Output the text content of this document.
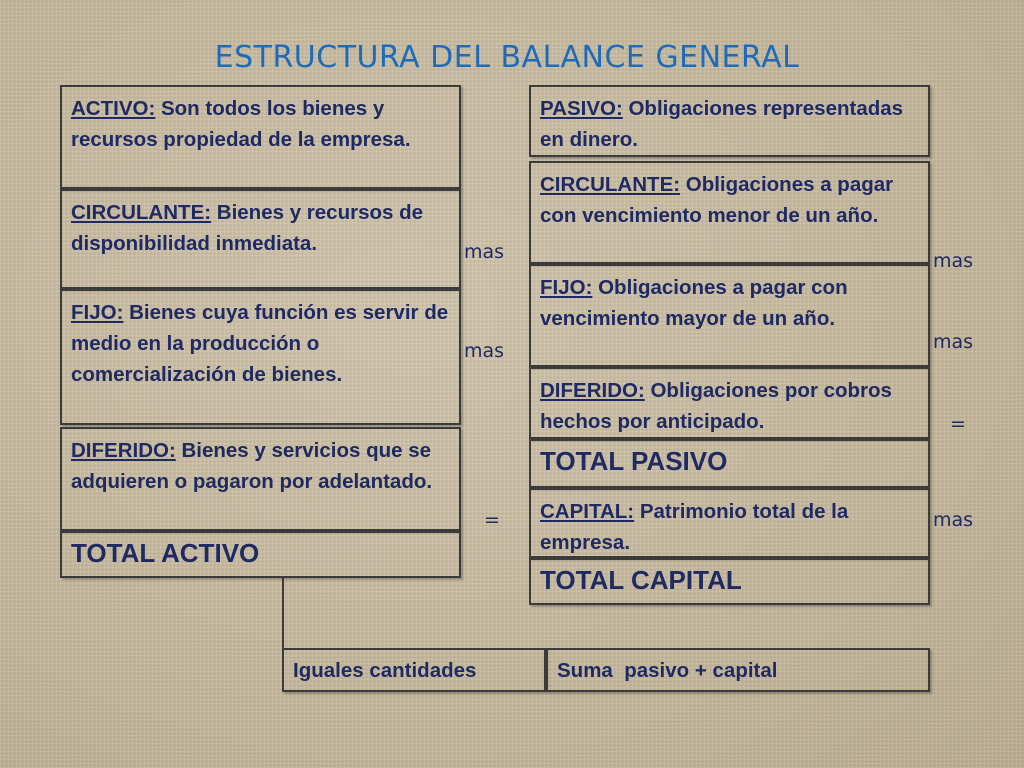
ESTRUCTURA DEL BALANCE GENERAL
ACTIVO: Son todos los bienes y recursos propiedad de la empresa.
CIRCULANTE: Bienes y recursos de disponibilidad inmediata.
FIJO: Bienes cuya función es servir de medio en la producción o comercialización de bienes.
DIFERIDO: Bienes y servicios que se adquieren o pagaron por adelantado.
TOTAL ACTIVO
mas
mas
=
PASIVO: Obligaciones representadas en dinero.
CIRCULANTE: Obligaciones a pagar con vencimiento menor de un año.
FIJO: Obligaciones a pagar con vencimiento mayor de un año.
DIFERIDO: Obligaciones por cobros hechos por anticipado.
TOTAL PASIVO
CAPITAL: Patrimonio total de la empresa.
TOTAL CAPITAL
mas
mas
=
mas
Iguales cantidades	Suma  pasivo + capital
